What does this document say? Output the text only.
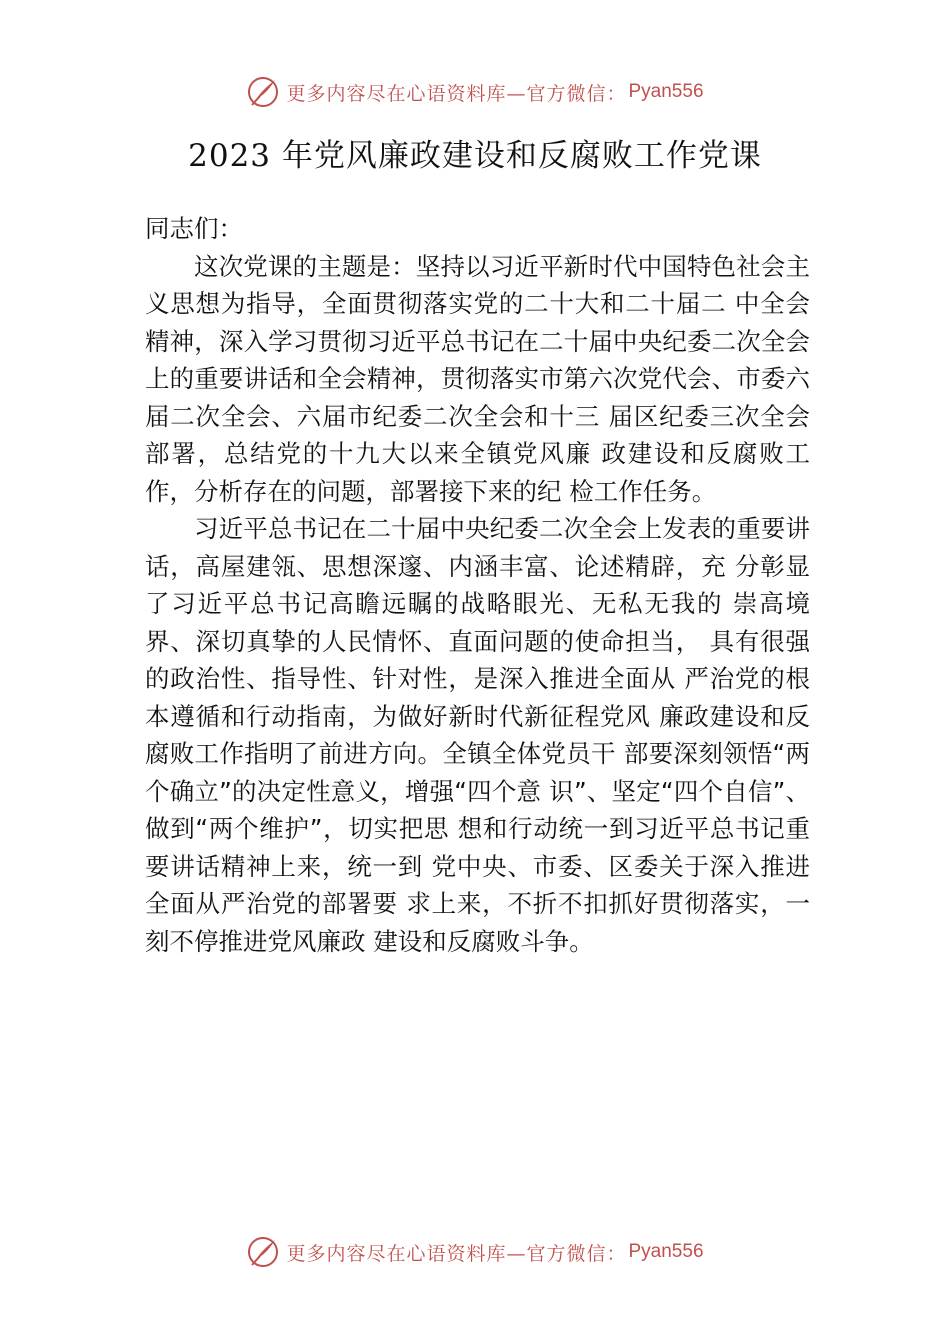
更多内容尽在心语资料库—官方微信： Pyan556
2023 年党风廉政建设和反腐败工作党课

同志们：

这次党课的主题是：坚持以习近平新时代中国特色社会主义思想为指导，全面贯彻落实党的二十大和二十届二 中全会精神，深入学习贯彻习近平总书记在二十届中央纪委二次全会上的重要讲话和全会精神，贯彻落实市第六次党代会、市委六届二次全会、六届市纪委二次全会和十三 届区纪委三次全会部署，总结党的十九大以来全镇党风廉 政建设和反腐败工作，分析存在的问题，部署接下来的纪 检工作任务。

习近平总书记在二十届中央纪委二次全会上发表的重要讲话，高屋建瓴、思想深邃、内涵丰富、论述精辟，充 分彰显了习近平总书记高瞻远瞩的战略眼光、无私无我的 崇高境界、深切真挚的人民情怀、直面问题的使命担当， 具有很强的政治性、指导性、针对性，是深入推进全面从 严治党的根本遵循和行动指南，为做好新时代新征程党风 廉政建设和反腐败工作指明了前进方向。全镇全体党员干 部要深刻领悟“两个确立”的决定性意义，增强“四个意 识”、坚定“四个自信”、做到“两个维护”，切实把思 想和行动统一到习近平总书记重要讲话精神上来，统一到 党中央、市委、区委关于深入推进全面从严治党的部署要 求上来，不折不扣抓好贯彻落实，一刻不停推进党风廉政 建设和反腐败斗争。

更多内容尽在心语资料库—官方微信： Pyan556
